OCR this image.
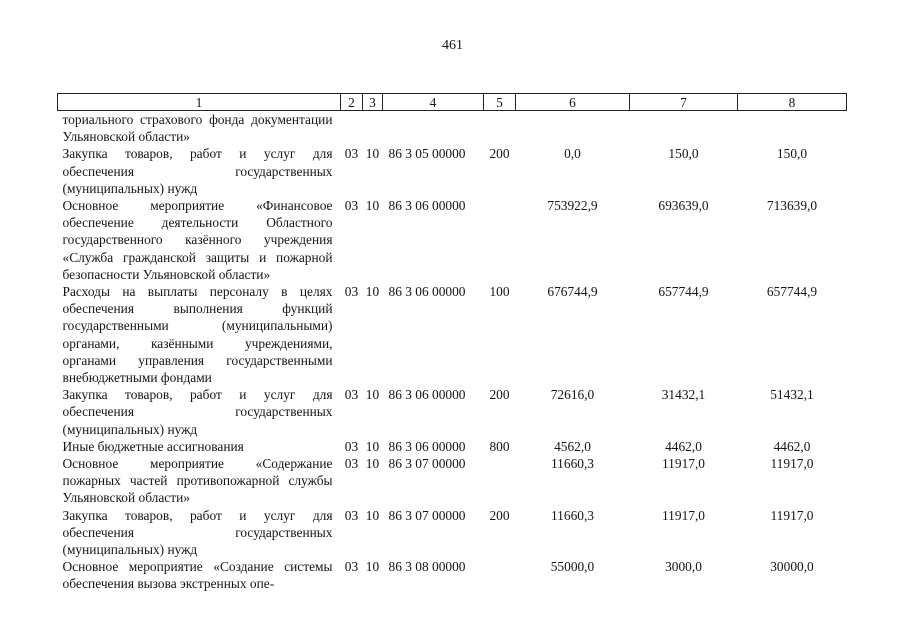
461
1	2	3	4	5	6	7	8
ториального страхового фонда документации Ульяновской области»							
Закупка товаров, работ и услуг для обеспечения государственных (муниципальных) нужд	03	10	86 3 05 00000	200	0,0	150,0	150,0
Основное мероприятие «Финансовое обеспечение деятельности Областного государственного казённого учреждения «Служба гражданской защиты и пожарной безопасности Ульяновской области»	03	10	86 3 06 00000		753922,9	693639,0	713639,0
Расходы на выплаты персоналу в целях обеспечения выполнения функций государственными (муниципальными) органами, казёнными учреждениями, органами управления государственными внебюджетными фондами	03	10	86 3 06 00000	100	676744,9	657744,9	657744,9
Закупка товаров, работ и услуг для обеспечения государственных (муниципальных) нужд	03	10	86 3 06 00000	200	72616,0	31432,1	51432,1
Иные бюджетные ассигнования	03	10	86 3 06 00000	800	4562,0	4462,0	4462,0
Основное мероприятие «Содержание пожарных частей противопожарной службы Ульяновской области»	03	10	86 3 07 00000		11660,3	11917,0	11917,0
Закупка товаров, работ и услуг для обеспечения государственных (муниципальных) нужд	03	10	86 3 07 00000	200	11660,3	11917,0	11917,0
Основное мероприятие «Создание системы обеспечения вызова экстренных опе-	03	10	86 3 08 00000		55000,0	3000,0	30000,0
